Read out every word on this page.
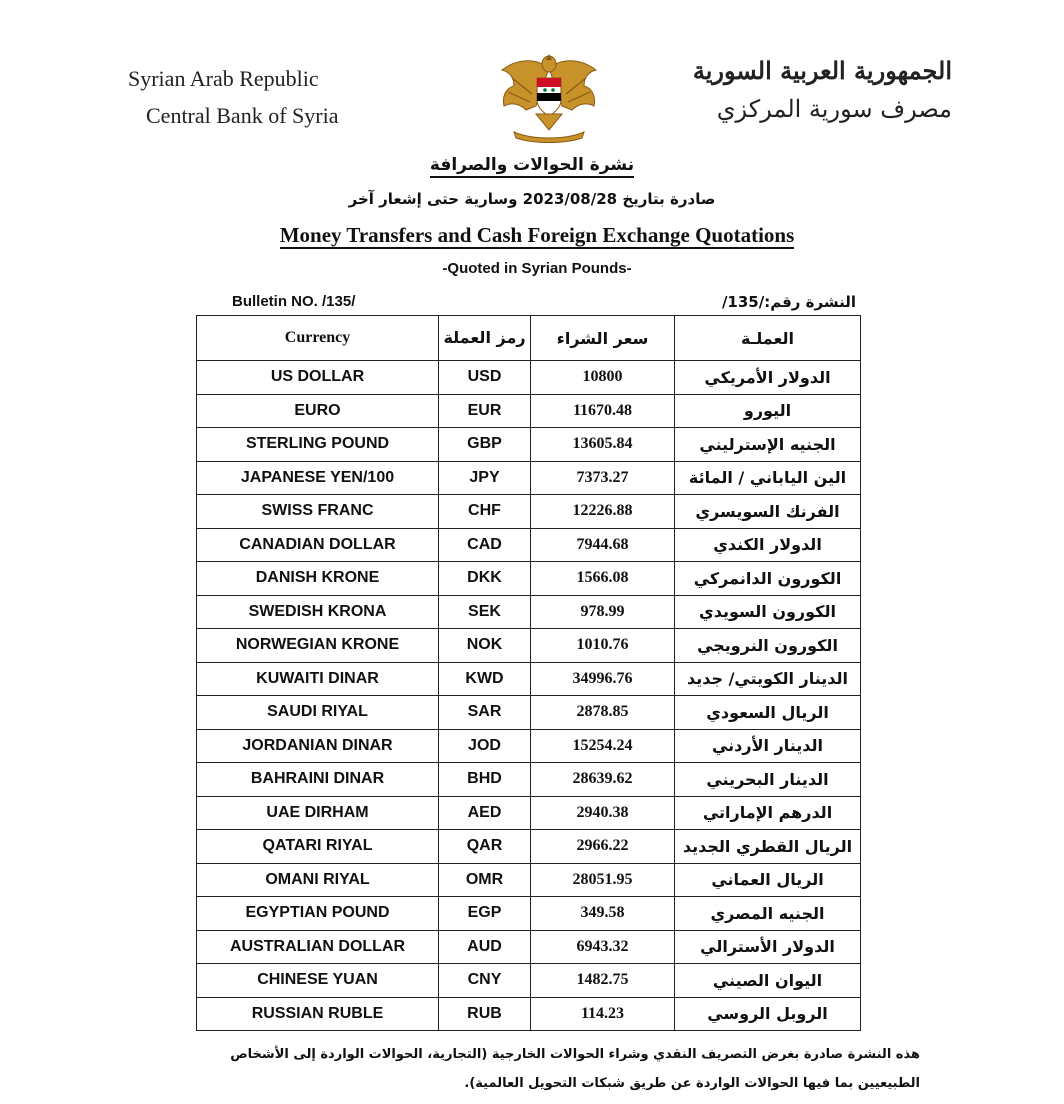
Syrian Arab Republic
Central Bank of Syria
الجمهورية العربية السورية
مصرف سورية المركزي
نشرة الحوالات والصرافة
صادرة بتاريخ 2023/08/28 وسارية حتى إشعار آخر
Money Transfers and Cash Foreign Exchange Quotations
-Quoted in Syrian Pounds-
Bulletin NO. /135/	النشرة رقم:/135/
Currency	رمز العملة	سعر الشراء	العملـة
US DOLLAR	USD	10800	الدولار الأمريكي
EURO	EUR	11670.48	اليورو
STERLING POUND	GBP	13605.84	الجنيه الإسترليني
JAPANESE YEN/100	JPY	7373.27	الين الياباني / المائة
SWISS FRANC	CHF	12226.88	الفرنك السويسري
CANADIAN DOLLAR	CAD	7944.68	الدولار الكندي
DANISH KRONE	DKK	1566.08	الكورون الدانمركي
SWEDISH KRONA	SEK	978.99	الكورون السويدي
NORWEGIAN KRONE	NOK	1010.76	الكورون النرويجي
KUWAITI DINAR	KWD	34996.76	الدينار الكويتي/ جديد
SAUDI RIYAL	SAR	2878.85	الريال السعودي
JORDANIAN DINAR	JOD	15254.24	الدينار الأردني
BAHRAINI DINAR	BHD	28639.62	الدينار البحريني
UAE DIRHAM	AED	2940.38	الدرهم الإماراتي
QATARI RIYAL	QAR	2966.22	الريال القطري الجديد
OMANI RIYAL	OMR	28051.95	الريال العماني
EGYPTIAN POUND	EGP	349.58	الجنيه المصري
AUSTRALIAN DOLLAR	AUD	6943.32	الدولار الأسترالي
CHINESE YUAN	CNY	1482.75	اليوان الصيني
RUSSIAN RUBLE	RUB	114.23	الروبل الروسي
هذه النشرة صادرة بغرض التصريف النقدي وشراء الحوالات الخارجية (التجارية، الحوالات الواردة إلى الأشخاص
الطبيعيين بما فيها الحوالات الواردة عن طريق شبكات التحويل العالمية).
